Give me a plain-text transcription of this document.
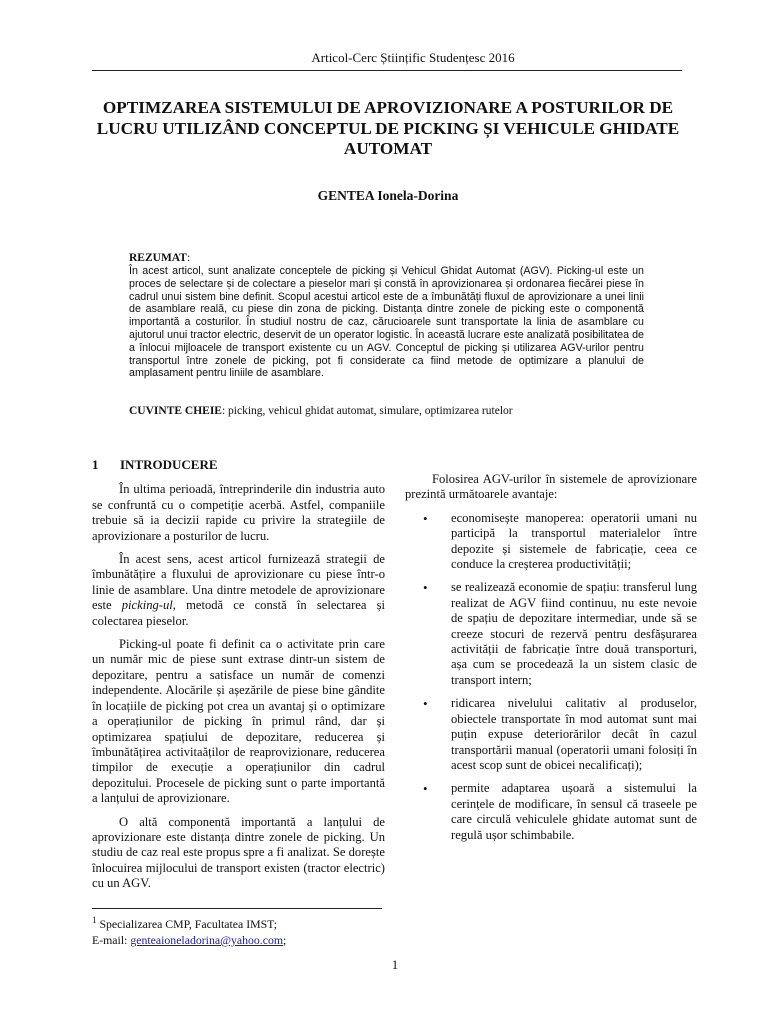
Articol-Cerc Științific Studențesc 2016
OPTIMZAREA SISTEMULUI DE APROVIZIONARE A POSTURILOR DE LUCRU UTILIZÂND CONCEPTUL DE PICKING ȘI VEHICULE GHIDATE AUTOMAT
GENTEA Ionela-Dorina
REZUMAT:

În acest articol, sunt analizate conceptele de picking și Vehicul Ghidat Automat (AGV). Picking-ul este un proces de selectare și de colectare a pieselor mari și constă în aprovizionarea și ordonarea fiecărei piese în cadrul unui sistem bine definit. Scopul acestui articol este de a îmbunătăți fluxul de aprovizionare a unei linii de asamblare reală, cu piese din zona de picking. Distanța dintre zonele de picking este o componentă importantă a costurilor. În studiul nostru de caz, cărucioarele sunt transportate la linia de asamblare cu ajutorul unui tractor electric, deservit de un operator logistic. În această lucrare este analizată posibilitatea de a înlocui mijloacele de transport existente cu un AGV. Conceptul de picking și utilizarea AGV-urilor pentru transportul între zonele de picking, pot fi considerate ca fiind metode de optimizare a planului de amplasament pentru liniile de asamblare.

CUVINTE CHEIE: picking, vehicul ghidat automat, simulare, optimizarea rutelor
1	INTRODUCERE

În ultima perioadă, întreprinderile din industria auto se confruntă cu o competiție acerbă. Astfel, companiile trebuie să ia decizii rapide cu privire la strategiile de aprovizionare a posturilor de lucru.

În acest sens, acest articol furnizează strategii de îmbunătățire a fluxului de aprovizionare cu piese într-o linie de asamblare. Una dintre metodele de aprovizionare este picking-ul, metodă ce constă în selectarea și colectarea pieselor.

Picking-ul poate fi definit ca o activitate prin care un număr mic de piese sunt extrase dintr-un sistem de depozitare, pentru a satisface un număr de comenzi independente. Alocările și așezările de piese bine gândite în locațiile de picking pot crea un avantaj și o optimizare a operațiunilor de picking în primul rând, dar și optimizarea spațiului de depozitare, reducerea și îmbunătățirea activitaăților de reaprovizionare, reducerea timpilor de execuție a operațiunilor din cadrul depozitului. Procesele de picking sunt o parte importantă a lanțului de aprovizionare.

O altă componentă importantă a lanțului de aprovizionare este distanța dintre zonele de picking. Un studiu de caz real este propus spre a fi analizat. Se dorește înlocuirea mijlocului de transport existen (tractor electric) cu un AGV.

Folosirea AGV-urilor în sistemele de aprovizionare prezintă următoarele avantaje:

• economisește manoperea: operatorii umani nu participă la transportul materialelor între depozite și sistemele de fabricație, ceea ce conduce la creșterea productivității;
• se realizează economie de spațiu: transferul lung realizat de AGV fiind continuu, nu este nevoie de spațiu de depozitare intermediar, unde să se creeze stocuri de rezervă pentru desfășurarea activității de fabricație între două transporturi, așa cum se procedează la un sistem clasic de transport intern;
• ridicarea nivelului calitativ al produselor, obiectele transportate în mod automat sunt mai puțin expuse deteriorărilor decât în cazul transportării manual (operatorii umani folosiți în acest scop sunt de obicei necalificați);
• permite adaptarea ușoară a sistemului la cerințele de modificare, în sensul că traseele pe care circulă vehiculele ghidate automat sunt de regulă ușor schimbabile.
$^1$ Specializarea CMP, Facultatea IMST;
E-mail: genteaioneladorina@yahoo.com;
1
